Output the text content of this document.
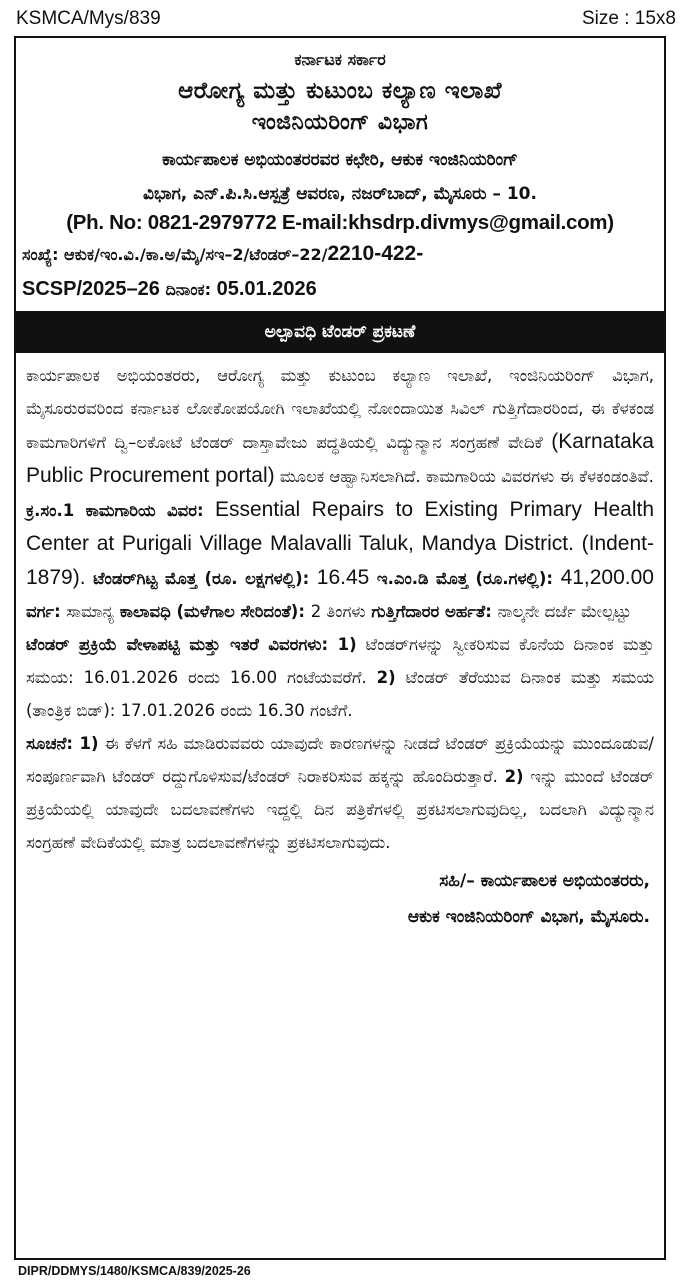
KSMCA/Mys/839	Size : 15x8
ಕರ್ನಾಟಕ ಸರ್ಕಾರ
ಆರೋಗ್ಯ ಮತ್ತು ಕುಟುಂಬ ಕಲ್ಯಾಣ ಇಲಾಖೆ
ಇಂಜಿನಿಯರಿಂಗ್ ವಿಭಾಗ
ಕಾರ್ಯಪಾಲಕ ಅಭಿಯಂತರರವರ ಕಛೇರಿ, ಆಕುಕ ಇಂಜಿನಿಯರಿಂಗ್
ವಿಭಾಗ, ಎನ್.ಪಿ.ಸಿ.ಆಸ್ಪತ್ರೆ ಆವರಣ, ನಜರ್‌ಬಾದ್, ಮೈಸೂರು – 10.
(Ph. No: 0821-2979772 E-mail:khsdrp.divmys@gmail.com)
ಸಂಖ್ಯೆ: ಆಕುಕ/ಇಂ.ವಿ./ಕಾ.ಅ/ಮೈ/ಸಇ–2/ಟೆಂಡರ್–22/2210-422-
SCSP/2025–26 ದಿನಾಂಕ: 05.01.2026
ಅಲ್ಪಾವಧಿ ಟೆಂಡರ್ ಪ್ರಕಟಣೆ

ಕಾರ್ಯಪಾಲಕ ಅಭಿಯಂತರರು, ಆರೋಗ್ಯ ಮತ್ತು ಕುಟುಂಬ ಕಲ್ಯಾಣ ಇಲಾಖೆ, ಇಂಜಿನಿಯರಿಂಗ್ ವಿಭಾಗ, ಮೈಸೂರುರವರಿಂದ ಕರ್ನಾಟಕ ಲೋಕೋಪಯೋಗಿ ಇಲಾಖೆಯಲ್ಲಿ ನೋಂದಾಯಿತ ಸಿವಿಲ್ ಗುತ್ತಿಗೆದಾರರಿಂದ, ಈ ಕೆಳಕಂಡ ಕಾಮಗಾರಿಗಳಿಗೆ ದ್ವಿ–ಲಕೋಟೆ ಟೆಂಡರ್ ದಾಸ್ತಾವೇಜು ಪದ್ಧತಿಯಲ್ಲಿ ವಿದ್ಯುನ್ಮಾನ ಸಂಗ್ರಹಣೆ ವೇದಿಕೆ (Karnataka Public Procurement portal) ಮೂಲಕ ಆಹ್ವಾನಿಸಲಾಗಿದೆ. ಕಾಮಗಾರಿಯ ವಿವರಗಳು ಈ ಕೆಳಕಂಡಂತಿವೆ.

ಕ್ರ.ಸಂ.1 ಕಾಮಗಾರಿಯ ವಿವರ: Essential Repairs to Existing Primary Health Center at Purigali Village Malavalli Taluk, Mandya District. (Indent-1879). ಟೆಂಡರ್‌ಗಿಟ್ಟ ಮೊತ್ತ (ರೂ. ಲಕ್ಷಗಳಲ್ಲಿ): 16.45 ಇ.ಎಂ.ಡಿ ಮೊತ್ತ (ರೂ.ಗಳಲ್ಲಿ): 41,200.00 ವರ್ಗ: ಸಾಮಾನ್ಯ ಕಾಲಾವಧಿ (ಮಳೆಗಾಲ ಸೇರಿದಂತೆ): 2 ತಿಂಗಳು ಗುತ್ತಿಗೆದಾರರ ಅರ್ಹತೆ: ನಾಲ್ಕನೇ ದರ್ಜೆ ಮೇಲ್ಪಟ್ಟು

ಟೆಂಡರ್ ಪ್ರಕ್ರಿಯೆ ವೇಳಾಪಟ್ಟಿ ಮತ್ತು ಇತರೆ ವಿವರಗಳು: 1) ಟೆಂಡರ್‌ಗಳನ್ನು ಸ್ವೀಕರಿಸುವ ಕೊನೆಯ ದಿನಾಂಕ ಮತ್ತು ಸಮಯ: 16.01.2026 ರಂದು 16.00 ಗಂಟೆಯವರೆಗೆ. 2) ಟೆಂಡರ್ ತೆರೆಯುವ ದಿನಾಂಕ ಮತ್ತು ಸಮಯ (ತಾಂತ್ರಿಕ ಬಿಡ್): 17.01.2026 ರಂದು 16.30 ಗಂಟೆಗೆ.

ಸೂಚನೆ: 1) ಈ ಕೆಳಗೆ ಸಹಿ ಮಾಡಿರುವವರು ಯಾವುದೇ ಕಾರಣಗಳನ್ನು ನೀಡದೆ ಟೆಂಡರ್ ಪ್ರಕ್ರಿಯೆಯನ್ನು ಮುಂದೂಡುವ/ಸಂಪೂರ್ಣವಾಗಿ ಟೆಂಡರ್ ರದ್ದುಗೊಳಿಸುವ/ಟೆಂಡರ್ ನಿರಾಕರಿಸುವ ಹಕ್ಕನ್ನು ಹೊಂದಿರುತ್ತಾರೆ. 2) ಇನ್ನು ಮುಂದೆ ಟೆಂಡರ್ ಪ್ರಕ್ರಿಯೆಯಲ್ಲಿ ಯಾವುದೇ ಬದಲಾವಣೆಗಳು ಇದ್ದಲ್ಲಿ ದಿನ ಪತ್ರಿಕೆಗಳಲ್ಲಿ ಪ್ರಕಟಿಸಲಾಗುವುದಿಲ್ಲ, ಬದಲಾಗಿ ವಿದ್ಯುನ್ಮಾನ ಸಂಗ್ರಹಣೆ ವೇದಿಕೆಯಲ್ಲಿ ಮಾತ್ರ ಬದಲಾವಣೆಗಳನ್ನು ಪ್ರಕಟಿಸಲಾಗುವುದು.

ಸಹಿ/– ಕಾರ್ಯಪಾಲಕ ಅಭಿಯಂತರರು,
ಆಕುಕ ಇಂಜಿನಿಯರಿಂಗ್ ವಿಭಾಗ, ಮೈಸೂರು.
DIPR/DDMYS/1480/KSMCA/839/2025-26
